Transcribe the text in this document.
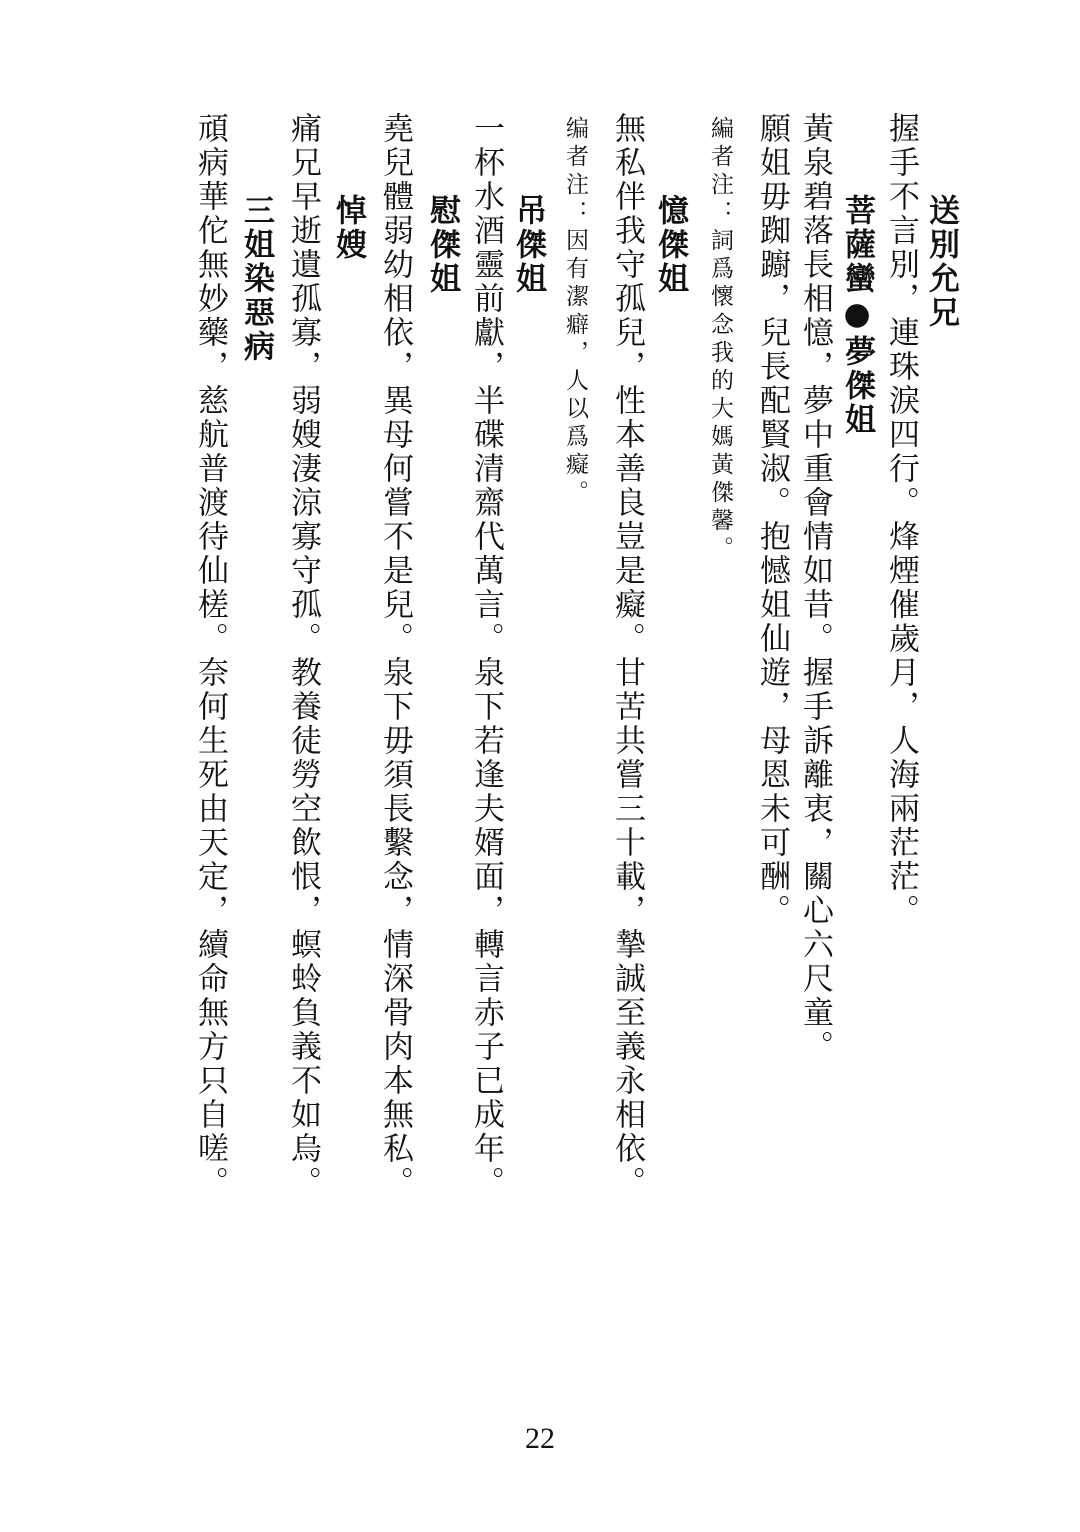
送別允兄
握手不言別，連珠淚四行。烽煙催歲月，人海兩茫茫。
菩薩蠻●夢傑姐
黃泉碧落長相憶，夢中重會情如昔。握手訴離衷，關心六尺童。
願姐毋踟躕，兒長配賢淑。抱憾姐仙遊，母恩未可酬。
編者注：詞爲懷念我的大媽黃傑馨。
憶傑姐
無私伴我守孤兒，性本善良豈是癡。甘苦共嘗三十載，摯誠至義永相依。
编者注：因有潔癖，人以爲癡。
吊傑姐
一杯水酒靈前獻，半碟清齋代萬言。泉下若逢夫婿面，轉言赤子已成年。
慰傑姐
堯兒體弱幼相依，異母何嘗不是兒。泉下毋須長繫念，情深骨肉本無私。
悼嫂
痛兄早逝遺孤寡，弱嫂淒涼寡守孤。教養徒勞空飲恨，螟蛉負義不如烏。
三姐染惡病
頑病華佗無妙藥，慈航普渡待仙槎。奈何生死由天定，續命無方只自嗟。
22
